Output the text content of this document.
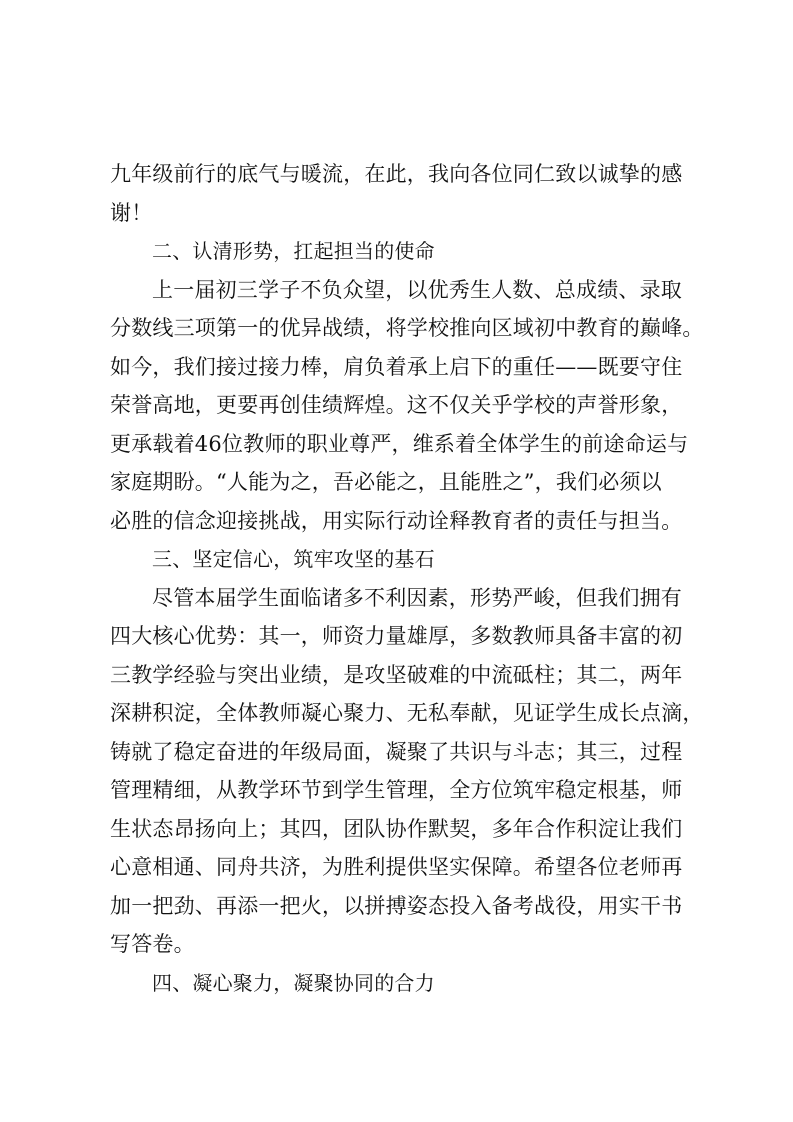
九年级前行的底气与暖流，在此，我向各位同仁致以诚挚的感
谢！
二、认清形势，扛起担当的使命
上一届初三学子不负众望，以优秀生人数、总成绩、录取
分数线三项第一的优异战绩，将学校推向区域初中教育的巅峰。
如今，我们接过接力棒，肩负着承上启下的重任——既要守住
荣誉高地，更要再创佳绩辉煌。这不仅关乎学校的声誉形象，
更承载着46位教师的职业尊严，维系着全体学生的前途命运与
家庭期盼。“人能为之，吾必能之，且能胜之”，我们必须以
必胜的信念迎接挑战，用实际行动诠释教育者的责任与担当。
三、坚定信心，筑牢攻坚的基石
尽管本届学生面临诸多不利因素，形势严峻，但我们拥有
四大核心优势：其一，师资力量雄厚，多数教师具备丰富的初
三教学经验与突出业绩，是攻坚破难的中流砥柱；其二，两年
深耕积淀，全体教师凝心聚力、无私奉献，见证学生成长点滴，
铸就了稳定奋进的年级局面，凝聚了共识与斗志；其三，过程
管理精细，从教学环节到学生管理，全方位筑牢稳定根基，师
生状态昂扬向上；其四，团队协作默契，多年合作积淀让我们
心意相通、同舟共济，为胜利提供坚实保障。希望各位老师再
加一把劲、再添一把火，以拼搏姿态投入备考战役，用实干书
写答卷。
四、凝心聚力，凝聚协同的合力
